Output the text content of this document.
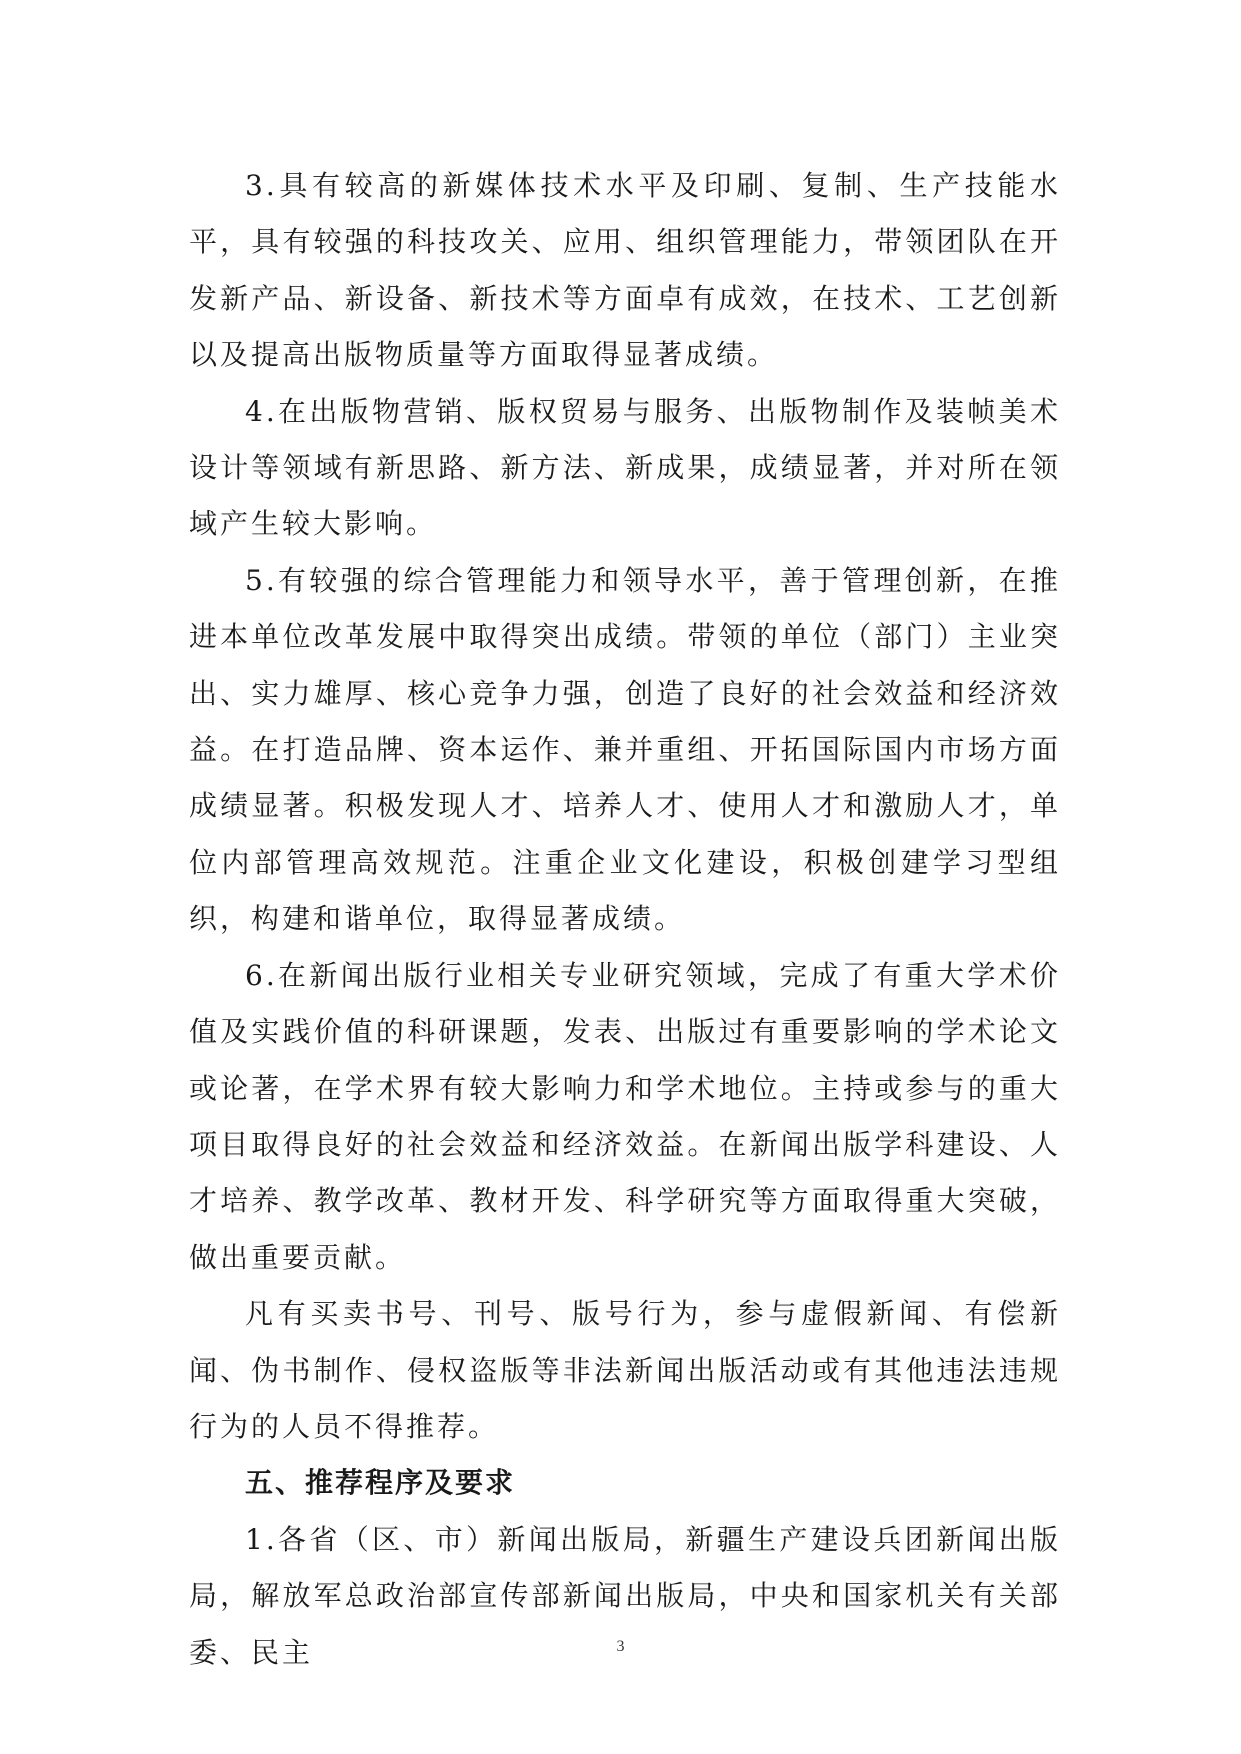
3.具有较高的新媒体技术水平及印刷、复制、生产技能水平，具有较强的科技攻关、应用、组织管理能力，带领团队在开发新产品、新设备、新技术等方面卓有成效，在技术、工艺创新以及提高出版物质量等方面取得显著成绩。

4.在出版物营销、版权贸易与服务、出版物制作及装帧美术设计等领域有新思路、新方法、新成果，成绩显著，并对所在领域产生较大影响。

5.有较强的综合管理能力和领导水平，善于管理创新，在推进本单位改革发展中取得突出成绩。带领的单位（部门）主业突出、实力雄厚、核心竞争力强，创造了良好的社会效益和经济效益。在打造品牌、资本运作、兼并重组、开拓国际国内市场方面成绩显著。积极发现人才、培养人才、使用人才和激励人才，单位内部管理高效规范。注重企业文化建设，积极创建学习型组织，构建和谐单位，取得显著成绩。

6.在新闻出版行业相关专业研究领域，完成了有重大学术价值及实践价值的科研课题，发表、出版过有重要影响的学术论文或论著，在学术界有较大影响力和学术地位。主持或参与的重大项目取得良好的社会效益和经济效益。在新闻出版学科建设、人才培养、教学改革、教材开发、科学研究等方面取得重大突破，做出重要贡献。

凡有买卖书号、刊号、版号行为，参与虚假新闻、有偿新闻、伪书制作、侵权盗版等非法新闻出版活动或有其他违法违规行为的人员不得推荐。

五、推荐程序及要求

1.各省（区、市）新闻出版局，新疆生产建设兵团新闻出版局，解放军总政治部宣传部新闻出版局，中央和国家机关有关部委、民主	3
